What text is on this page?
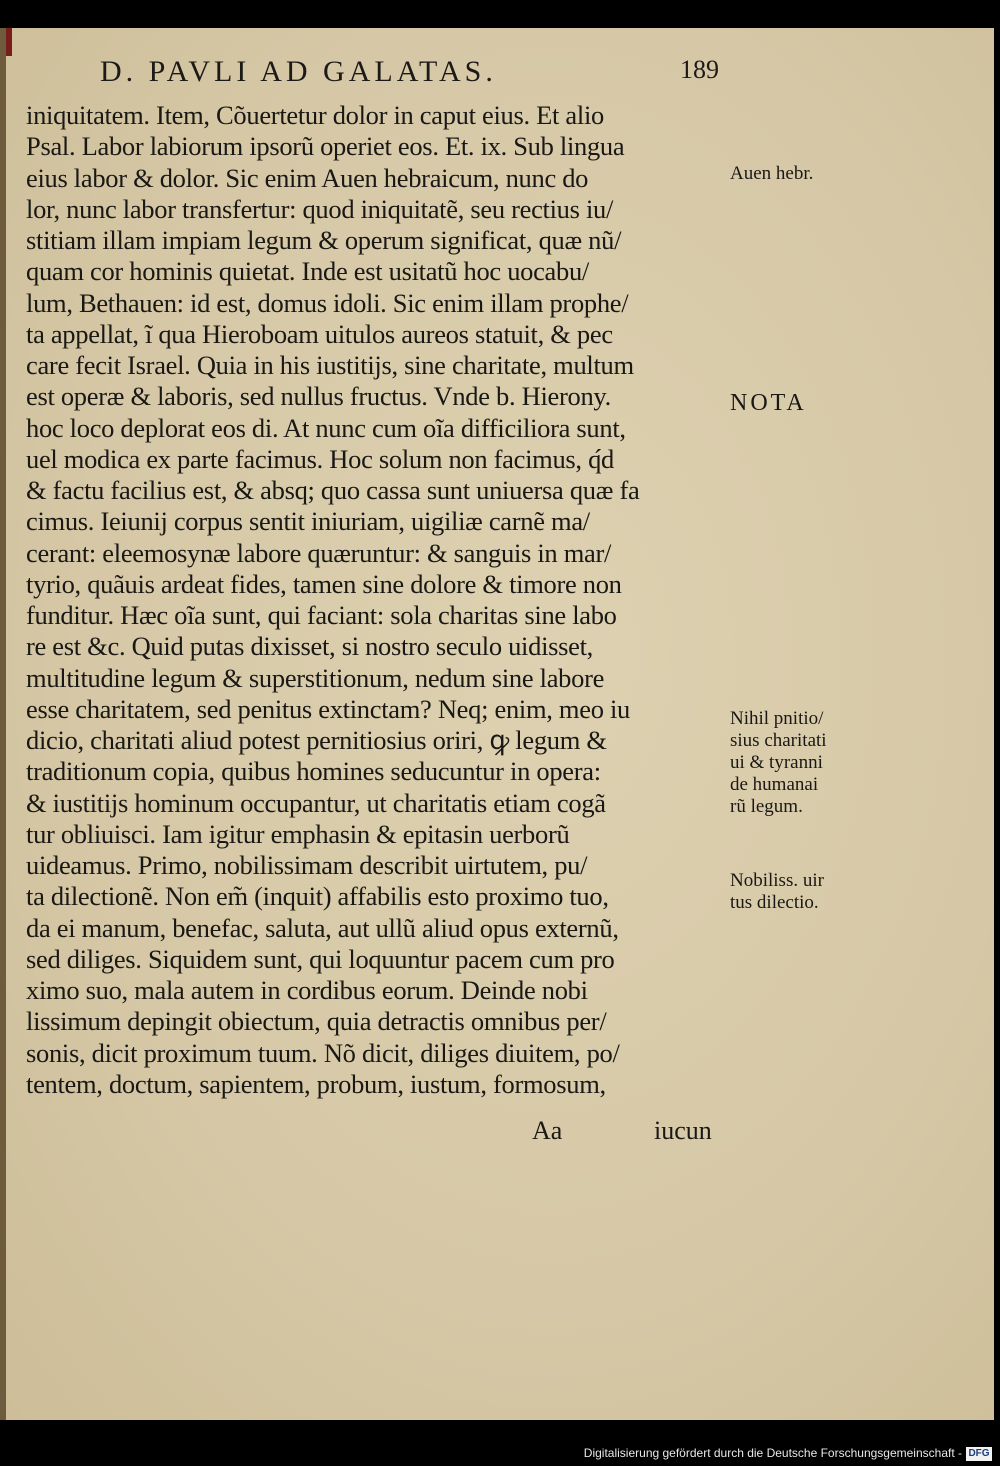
D. PAVLI AD GALATAS.	189
iniquitatem. Item, Cõuertetur dolor in caput eius. Et alio
Psal. Labor labiorum ipsorũ operiet eos. Et. ix. Sub lingua
eius labor & dolor. Sic enim Auen hebraicum, nunc do
lor, nunc labor transfertur: quod iniquitatẽ, seu rectius iu/
stitiam illam impiam legum & operum significat, quæ nũ/
quam cor hominis quietat. Inde est usitatũ hoc uocabu/
lum, Bethauen: id est, domus idoli. Sic enim illam prophe/
ta appellat, ĩ qua Hieroboam uitulos aureos statuit, & pec
care fecit Israel. Quia in his iustitijs, sine charitate, multum
est operæ & laboris, sed nullus fructus. Vnde b. Hierony.
hoc loco deplorat eos di. At nunc cum oĩa difficiliora sunt,
uel modica ex parte facimus. Hoc solum non facimus, q́d
& factu facilius est, & absq; quo cassa sunt uniuersa quæ fa
cimus. Ieiunij corpus sentit iniuriam, uigiliæ carnẽ ma/
cerant: eleemosynæ labore quæruntur: & sanguis in mar/
tyrio, quãuis ardeat fides, tamen sine dolore & timore non
funditur. Hæc oĩa sunt, qui faciant: sola charitas sine labo
re est &c. Quid putas dixisset, si nostro seculo uidisset,
multitudine legum & superstitionum, nedum sine labore
esse charitatem, sed penitus extinctam? Neq; enim, meo iu
dicio, charitati aliud potest pernitiosius oriri, ꝙ legum &
traditionum copia, quibus homines seducuntur in opera:
& iustitijs hominum occupantur, ut charitatis etiam cogã
tur obliuisci. Iam igitur emphasin & epitasin uerborũ
uideamus. Primo, nobilissimam describit uirtutem, pu/
ta dilectionẽ. Non em̃ (inquit) affabilis esto proximo tuo,
da ei manum, benefac, saluta, aut ullũ aliud opus externũ,
sed diliges. Siquidem sunt, qui loquuntur pacem cum pro
ximo suo, mala autem in cordibus eorum. Deinde nobi
lissimum depingit obiectum, quia detractis omnibus per/
sonis, dicit proximum tuum. Nõ dicit, diliges diuitem, po/
tentem, doctum, sapientem, probum, iustum, formosum,
Aa	iucun
Auen hebr.
NOTA
Nihil pnitio/
sius charitati
ui & tyranni
de humanai
rũ legum.
Nobiliss. uir
tus dilectio.
Digitalisierung gefördert durch die Deutsche Forschungsgemeinschaft - DFG
